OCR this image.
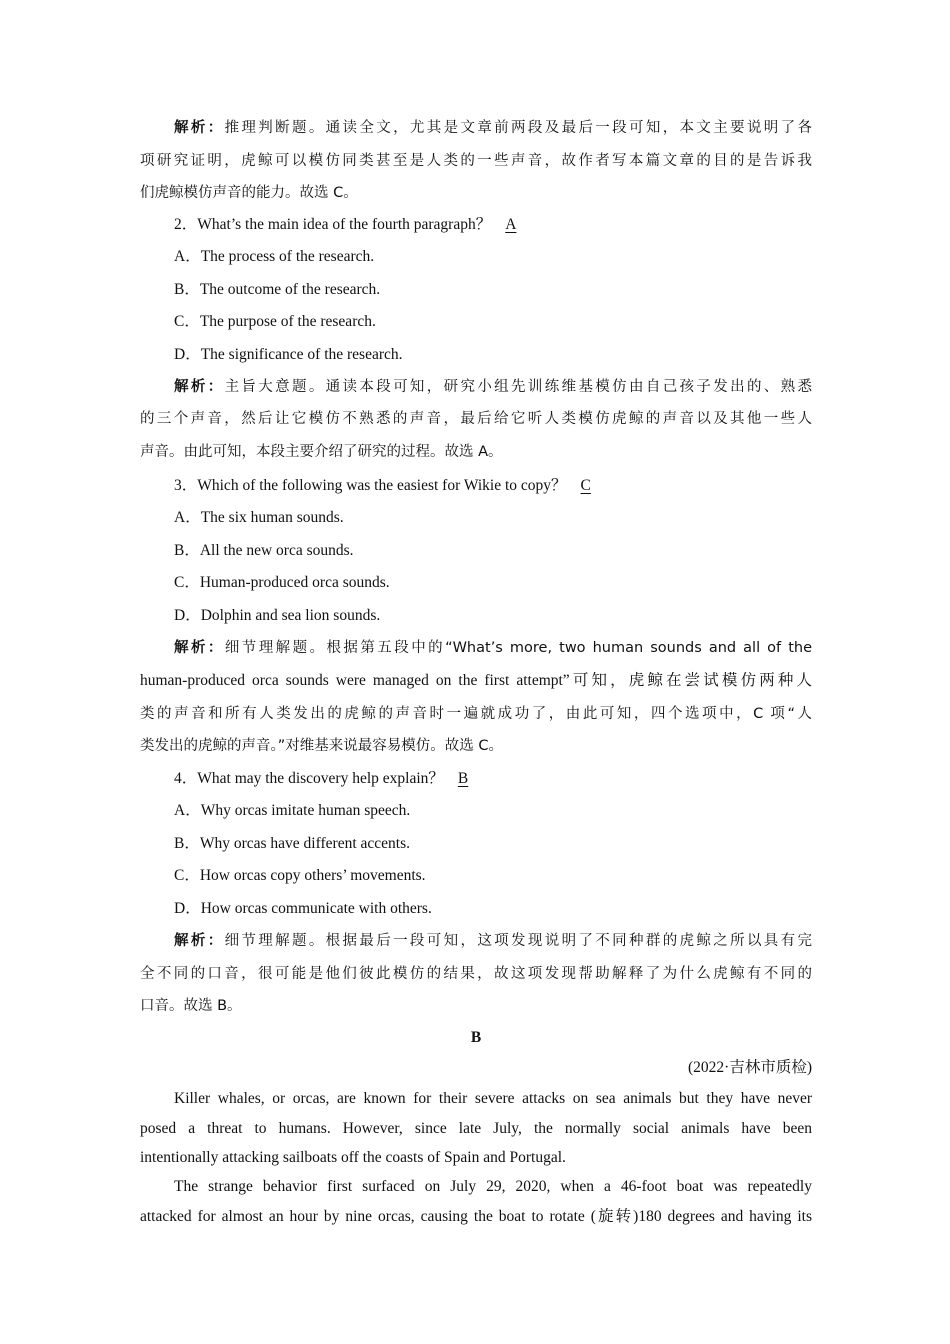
解析：推理判断题。通读全文，尤其是文章前两段及最后一段可知，本文主要说明了各
项研究证明，虎鲸可以模仿同类甚至是人类的一些声音，故作者写本篇文章的目的是告诉我
们虎鲸模仿声音的能力。故选 C。
2．What’s the main idea of the fourth paragraph？ A
A．The process of the research.
B．The outcome of the research.
C．The purpose of the research.
D．The significance of the research.
解析：主旨大意题。通读本段可知，研究小组先训练维基模仿由自己孩子发出的、熟悉
的三个声音，然后让它模仿不熟悉的声音，最后给它听人类模仿虎鲸的声音以及其他一些人
声音。由此可知，本段主要介绍了研究的过程。故选 A。
3．Which of the following was the easiest for Wikie to copy？ C
A．The six human sounds.
B．All the new orca sounds.
C．Human-produced orca sounds.
D．Dolphin and sea lion sounds.
解析：细节理解题。根据第五段中的“What’s more, two human sounds and all of the
human-produced orca sounds were managed on the first attempt”可知，虎鲸在尝试模仿两种人
类的声音和所有人类发出的虎鲸的声音时一遍就成功了，由此可知，四个选项中，C 项“人
类发出的虎鲸的声音。”对维基来说最容易模仿。故选 C。
4．What may the discovery help explain？ B
A．Why orcas imitate human speech.
B．Why orcas have different accents.
C．How orcas copy others’ movements.
D．How orcas communicate with others.
解析：细节理解题。根据最后一段可知，这项发现说明了不同种群的虎鲸之所以具有完
全不同的口音，很可能是他们彼此模仿的结果，故这项发现帮助解释了为什么虎鲸有不同的
口音。故选 B。
B
(2022·吉林市质检)
Killer whales, or orcas, are known for their severe attacks on sea animals but they have never
posed a threat to humans. However, since late July, the normally social animals have been
intentionally attacking sailboats off the coasts of Spain and Portugal.
The strange behavior first surfaced on July 29, 2020, when a 46-foot boat was repeatedly
attacked for almost an hour by nine orcas, causing the boat to rotate (旋转)180 degrees and having its
